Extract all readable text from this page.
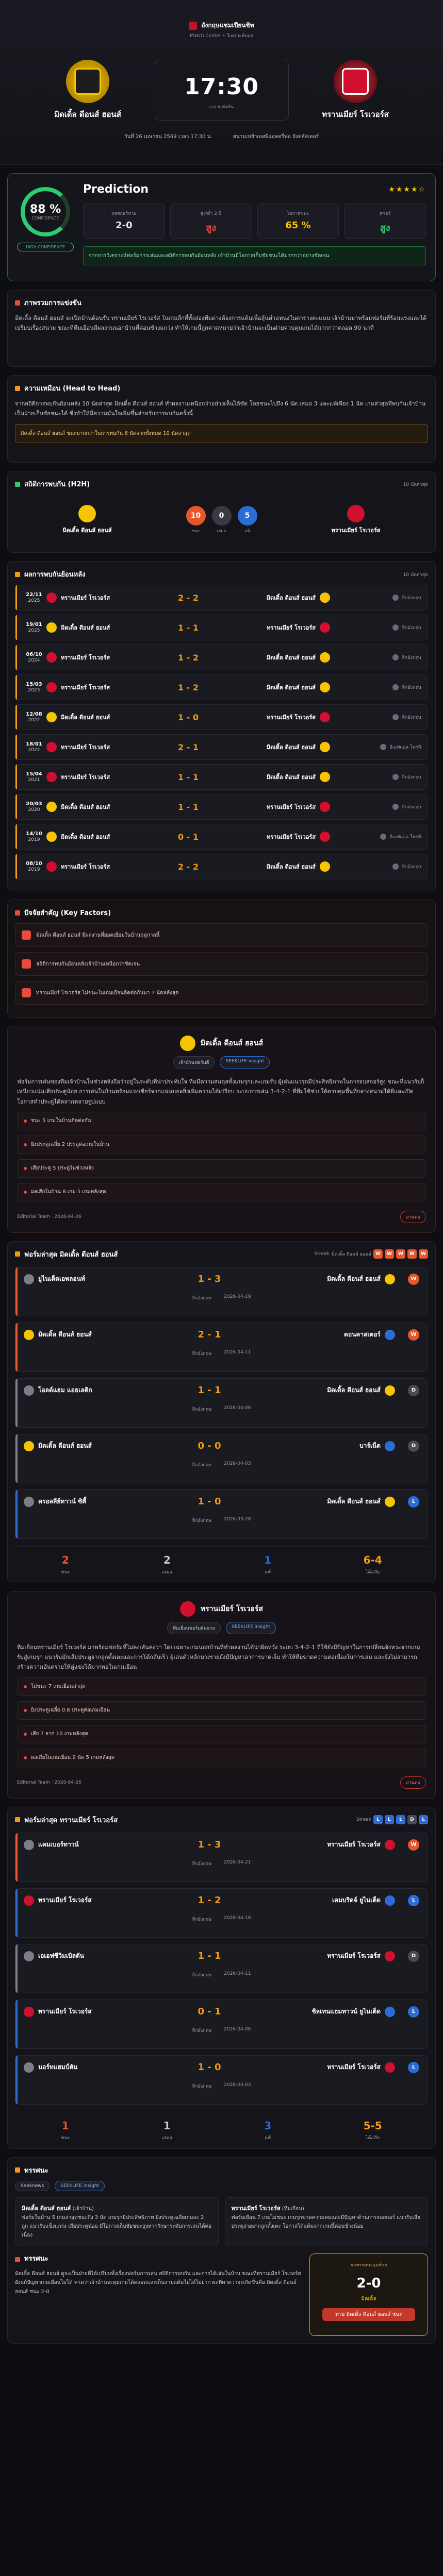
อังกฤษแชมเปียนชิพ
Match Center • วิเคราะห์บอล
มิดเดิ้ล ดีอนส์ ฮอนส์
17:30
เวลาแข่งขัน
ทรานเมียร์ โรเวอร์ส
วันที่ 26 เมษายน 2569 เวลา 17:30 น.	สนามเหย้าเอสพีแอคอรี่ฟอ ยังคลัสเตอร์
88 %
CONFIDENCE
HIGH CONFIDENCE
Prediction	★★★★☆
ผลสกอร์ทาย
2-0
สูง/ต่ำ 2.5
สูง
โอกาสชนะ
65 %
สกอร์
สูง
จากการวิเคราะห์ฟอร์มการเล่นและสถิติการพบกันย้อนหลัง เจ้าบ้านมีโอกาสเก็บชัยชนะได้มากกว่าอย่างชัดเจน
ภาพรวมการแข่งขัน
มิดเดิ้ล ดีอนส์ ฮอนส์ จะเปิดบ้านต้อนรับ ทรานเมียร์ โรเวอร์ส ในเกมลีกที่ทั้งสองทีมต่างต้องการแต้มเพื่อลุ้นตำแหน่งในตารางคะแนน เจ้าบ้านมาพร้อมฟอร์มที่ร้อนแรงและได้เปรียบเรื่องสนาม ขณะที่ทีมเยือนมีผลงานนอกบ้านที่ค่อนข้างแกว่ง ทำให้เกมนี้ถูกคาดหมายว่าเจ้าบ้านจะเป็นฝ่ายควบคุมเกมได้มากกว่าตลอด 90 นาที
ความเหมือน (Head to Head)
จากสถิติการพบกันย้อนหลัง 10 นัดล่าสุด มิดเดิ้ล ดีอนส์ ฮอนส์ ทำผลงานเหนือกว่าอย่างเห็นได้ชัด โดยชนะไปถึง 6 นัด เสมอ 3 และแพ้เพียง 1 นัด เกมล่าสุดที่พบกันเจ้าบ้านเป็นฝ่ายเก็บชัยชนะได้ ซึ่งทำให้มีความมั่นใจเพิ่มขึ้นสำหรับการพบกันครั้งนี้
มิดเดิ้ล ดีอนส์ ฮอนส์ ชนะมากกว่าในการพบกัน 6 นัดจากทั้งหมด 10 นัดล่าสุด
สถิติการพบกัน (H2H)	10 นัดล่าสุด
มิดเดิ้ล ดีอนส์ ฮอนส์
10
ชนะ
0
เสมอ
5
แพ้	ทรานเมียร์ โรเวอร์ส
ผลการพบกันย้อนหลัง	10 นัดล่าสุด
22/11
2025	ทรานเมียร์ โรเวอร์ส	2 - 2	มิดเดิ้ล ดีอนส์ ฮอนส์	ลีกอังกฤษ
19/01
2025	มิดเดิ้ล ดีอนส์ ฮอนส์	1 - 1	ทรานเมียร์ โรเวอร์ส	ลีกอังกฤษ
06/10
2024	ทรานเมียร์ โรเวอร์ส	1 - 2	มิดเดิ้ล ดีอนส์ ฮอนส์	ลีกอังกฤษ
15/03
2023	ทรานเมียร์ โรเวอร์ส	1 - 2	มิดเดิ้ล ดีอนส์ ฮอนส์	ลีกอังกฤษ
12/08
2022	มิดเดิ้ล ดีอนส์ ฮอนส์	1 - 0	ทรานเมียร์ โรเวอร์ส	ลีกอังกฤษ
18/01
2022	ทรานเมียร์ โรเวอร์ส	2 - 1	มิดเดิ้ล ดีอนส์ ฮอนส์	อีเอฟแอล โทรฟี่
15/04
2021	ทรานเมียร์ โรเวอร์ส	1 - 1	มิดเดิ้ล ดีอนส์ ฮอนส์	ลีกอังกฤษ
20/03
2020	มิดเดิ้ล ดีอนส์ ฮอนส์	1 - 1	ทรานเมียร์ โรเวอร์ส	ลีกอังกฤษ
14/10
2019	มิดเดิ้ล ดีอนส์ ฮอนส์	0 - 1	ทรานเมียร์ โรเวอร์ส	อีเอฟแอล โทรฟี่
08/10
2019	ทรานเมียร์ โรเวอร์ส	2 - 2	มิดเดิ้ล ดีอนส์ ฮอนส์	ลีกอังกฤษ
ปัจจัยสำคัญ (Key Factors)
มิดเดิ้ล ดีอนส์ ฮอนส์ มีผลงานที่ยอดเยี่ยมในบ้านฤดูกาลนี้
สถิติการพบกันย้อนหลังเจ้าบ้านเหนือกว่าชัดเจน
ทรานเมียร์ โรเวอร์ส ไม่ชนะในเกมเยือนติดต่อกันมา 7 นัดหลังสุด
มิดเดิ้ล ดีอนส์ ฮอนส์
เจ้าบ้านฟอร์มดี	SEEKLIFE insight
ฟอร์มการเล่นของทีมเจ้าบ้านในช่วงหลังถือว่าอยู่ในระดับที่น่าประทับใจ ทีมมีความสมดุลทั้งเกมรุกและเกมรับ ผู้เล่นแนวรุกมีประสิทธิภาพในการจบสกอร์สูง ขณะที่แนวรับก็เหนียวแน่นเสียประตูน้อย การเล่นในบ้านพร้อมแรงเชียร์จากแฟนบอลยิ่งเพิ่มความได้เปรียบ ระบบการเล่น 3-4-2-1 ที่ทีมใช้ช่วยให้ควบคุมพื้นที่กลางสนามได้ดีและเปิดโอกาสทำประตูได้หลากหลายรูปแบบ
ชนะ 5 เกมในบ้านติดต่อกัน
ยิงประตูเฉลี่ย 2 ประตูต่อเกมในบ้าน
เสียประตู 5 ประตูในช่วงหลัง
ผลเสียในบ้าน 8 เกม 5 เกมหลังสุด
Editorial Team · 2026-04-26	อ่านต่อ
ฟอร์มล่าสุด มิดเดิ้ล ดีอนส์ ฮอนส์	Streak มิดเดิ้ล ดีอนส์ ฮอนส์ W	W	W	W	W
ยูไนเต็ดเอพลอนท์	1 - 3	มิดเดิ้ล ดีอนส์ ฮอนส์	W
ลีกอังกฤษ	2026-04-19
มิดเดิ้ล ดีอนส์ ฮอนส์	2 - 1	ดอนคาสเตอร์	W
ลีกอังกฤษ	2026-04-11
โอลด์แฮม แอธเลติก	1 - 1	มิดเดิ้ล ดีอนส์ ฮอนส์	D
ลีกอังกฤษ	2026-04-06
มิดเดิ้ล ดีอนส์ ฮอนส์	0 - 0	บาร์เน็ต	D
ลีกอังกฤษ	2026-04-03
ครอลลีย์ทาวน์ ซิตี้	1 - 0	มิดเดิ้ล ดีอนส์ ฮอนส์	L
ลีกอังกฤษ	2026-03-28
2
ชนะ
2
เสมอ
1
แพ้
6-4
ได้/เสีย
ทรานเมียร์ โรเวอร์ส
ทีมเยือนฟอร์มผันผวน	SEEKLIFE insight
ทีมเยือนทรานเมียร์ โรเวอร์ส มาพร้อมฟอร์มที่ไม่คงเส้นคงวา โดยเฉพาะเกมนอกบ้านที่ทำผลงานได้น่าผิดหวัง ระบบ 3-4-2-1 ที่ใช้ยังมีปัญหาในการเปลี่ยนจังหวะจากเกมรับสู่เกมรุก แนวรับมักเสียประตูจากลูกตั้งเตะและการโต้กลับเร็ว ผู้เล่นตัวหลักบางรายยังมีปัญหาอาการบาดเจ็บ ทำให้ทีมขาดความต่อเนื่องในการเล่น และยังไม่สามารถสร้างความอันตรายให้คู่แข่งได้มากพอในเกมเยือน
ไม่ชนะ 7 เกมเยือนล่าสุด
ยิงประตูเฉลี่ย 0.8 ประตูต่อเกมเยือน
เสีย 7 จาก 10 เกมหลังสุด
ผลเสียในเกมเยือน 9 นัด 5 เกมหลังสุด
Editorial Team · 2026-04-26	อ่านต่อ
ฟอร์มล่าสุด ทรานเมียร์ โรเวอร์ส	Streak	L	L	L	D	L
แคมเบอร์ทาวน์	1 - 3	ทรานเมียร์ โรเวอร์ส	W
ลีกอังกฤษ	2026-04-21
ทรานเมียร์ โรเวอร์ส	1 - 2	เคมบริดจ์ ยูไนเต็ด	L
ลีกอังกฤษ	2026-04-18
เอเอฟซีวิมเบิลดัน	1 - 1	ทรานเมียร์ โรเวอร์ส	D
ลีกอังกฤษ	2026-04-11
ทรานเมียร์ โรเวอร์ส	0 - 1	ชิลเทนแฮมทาวน์ ยูไนเต็ด	L
ลีกอังกฤษ	2026-04-06
นอร์ทแฮมป์ตัน	1 - 0	ทรานเมียร์ โรเวอร์ส	L
ลีกอังกฤษ	2026-04-03
1
ชนะ
1
เสมอ
3
แพ้
5-5
ได้/เสีย
ทรรศนะ
Seeknews	SEEKLIFE insight
มิดเดิ้ล ดีอนส์ ฮอนส์ (เจ้าบ้าน)
ฟอร์มในบ้าน 5 เกมล่าสุดชนะถึง 3 นัด เกมรุกมีประสิทธิภาพ ยิงประตูเฉลี่ยเกมละ 2 ลูก แนวรับแข็งแกร่ง เสียประตูน้อย มีโอกาสเก็บชัยชนะสูงหากรักษาระดับการเล่นได้ต่อเนื่อง
ทรานเมียร์ โรเวอร์ส (ทีมเยือน)
ฟอร์มเยือน 7 เกมไม่ชนะ เกมรุกขาดความคมและมีปัญหาด้านการจบสกอร์ แนวรับเสียประตูง่ายจากลูกตั้งเตะ โอกาสได้แต้มจากเกมนี้ค่อนข้างน้อย
ทรรศนะ
มิดเดิ้ล ดีอนส์ ฮอนส์ ดูจะเป็นฝ่ายที่ได้เปรียบทั้งเรื่องฟอร์มการเล่น สถิติการพบกัน และการได้เล่นในบ้าน ขณะที่ทรานเมียร์ โรเวอร์ส ยังแก้ปัญหาเกมเยือนไม่ได้ คาดว่าเจ้าบ้านจะคุมเกมได้ตลอดและเก็บสามแต้มไปได้ไม่ยาก ผลที่คาดว่าจะเกิดขึ้นคือ มิดเดิ้ล ดีอนส์ ฮอนส์ ชนะ 2-0
ผลทรรศนะสุดท้าย
2-0
มิดเดิ้ล
ทาย มิดเดิ้ล ดีอนส์ ฮอนส์ ชนะ
